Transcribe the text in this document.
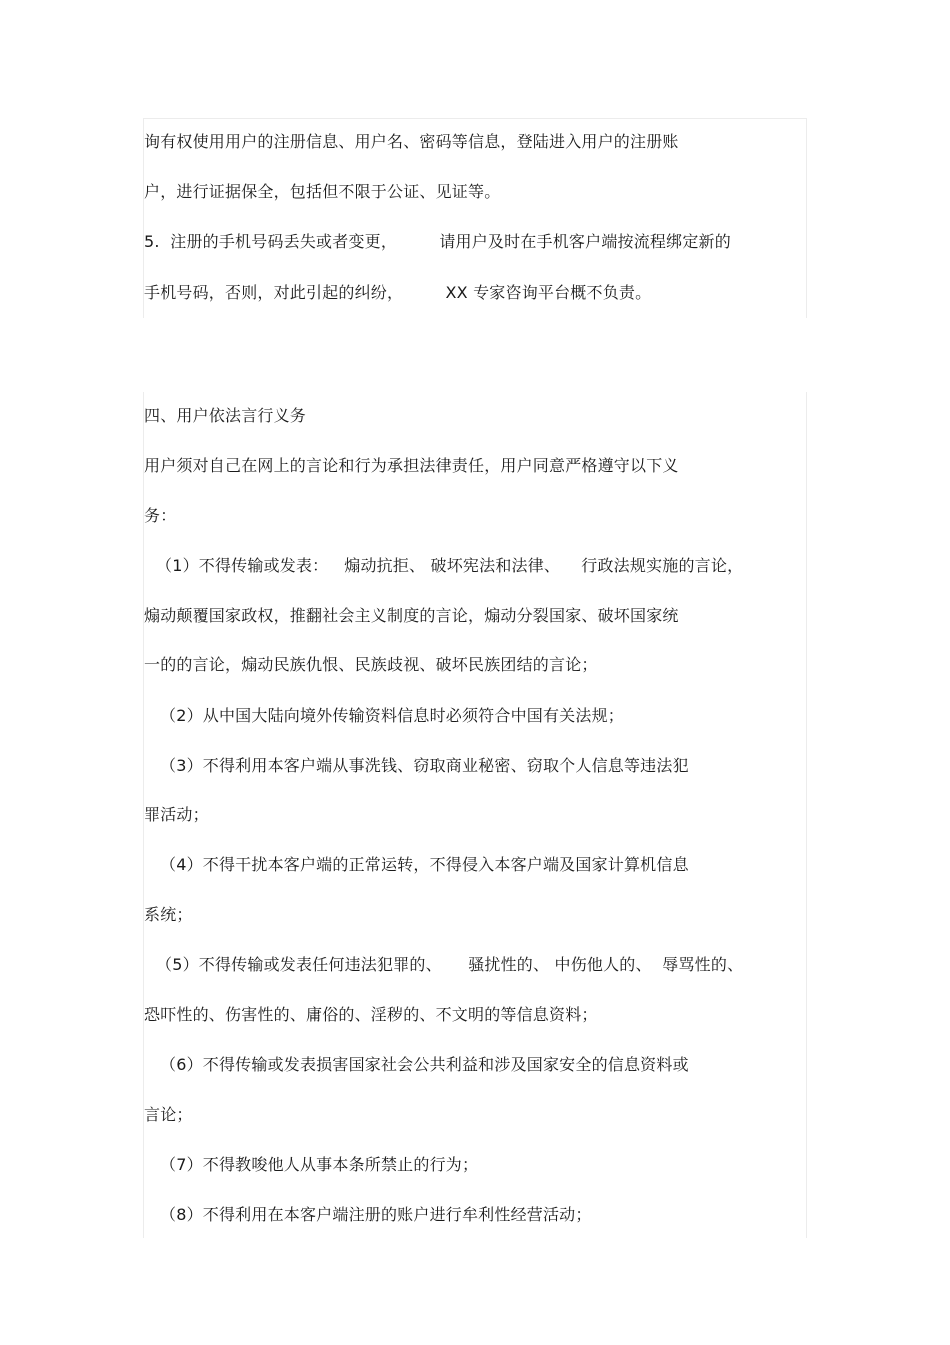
询有权使用用户的注册信息、用户名、密码等信息，登陆进入用户的注册账
户，进行证据保全，包括但不限于公证、见证等。
5.  注册的手机号码丢失或者变更，        请用户及时在手机客户端按流程绑定新的
手机号码，否则，对此引起的纠纷，        XX 专家咨询平台概不负责。
四、用户依法言行义务
用户须对自己在网上的言论和行为承担法律责任，用户同意严格遵守以下义
务：
（1）不得传输或发表：   煽动抗拒、 破坏宪法和法律、    行政法规实施的言论，
煽动颠覆国家政权，推翻社会主义制度的言论，煽动分裂国家、破坏国家统
一的的言论，煽动民族仇恨、民族歧视、破坏民族团结的言论；
（2）从中国大陆向境外传输资料信息时必须符合中国有关法规；
（3）不得利用本客户端从事洗钱、窃取商业秘密、窃取个人信息等违法犯
罪活动；
（4）不得干扰本客户端的正常运转，不得侵入本客户端及国家计算机信息
系统；
（5）不得传输或发表任何违法犯罪的、     骚扰性的、 中伤他人的、  辱骂性的、
恐吓性的、伤害性的、庸俗的、淫秽的、不文明的等信息资料；
（6）不得传输或发表损害国家社会公共利益和涉及国家安全的信息资料或
言论；
（7）不得教唆他人从事本条所禁止的行为；
（8）不得利用在本客户端注册的账户进行牟利性经营活动；
